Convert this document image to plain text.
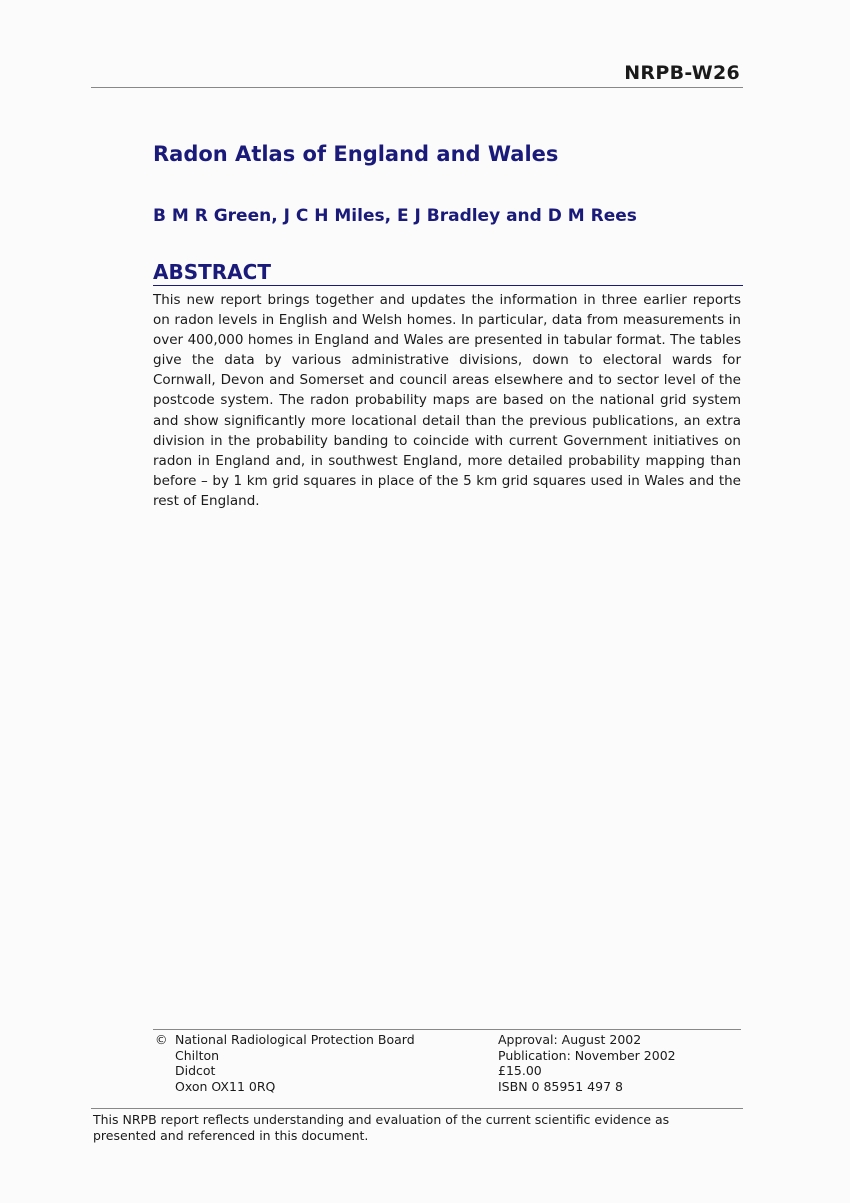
NRPB-W26
Radon Atlas of England and Wales
B M R Green, J C H Miles, E J Bradley and D M Rees
ABSTRACT

This new report brings together and updates the information in three earlier reports on radon levels in English and Welsh homes. In particular, data from measurements in over 400,000 homes in England and Wales are presented in tabular format. The tables give the data by various administrative divisions, down to electoral wards for Cornwall, Devon and Somerset and council areas elsewhere and to sector level of the postcode system. The radon probability maps are based on the national grid system and show significantly more locational detail than the previous publications, an extra division in the probability banding to coincide with current Government initiatives on radon in England and, in southwest England, more detailed probability mapping than before – by 1 km grid squares in place of the 5 km grid squares used in Wales and the rest of England.

© National Radiological Protection Board
Chilton
Didcot
Oxon OX11 0RQ
Approval: August 2002
Publication: November 2002
£15.00
ISBN 0 85951 497 8

This NRPB report reflects understanding and evaluation of the current scientific evidence as presented and referenced in this document.
